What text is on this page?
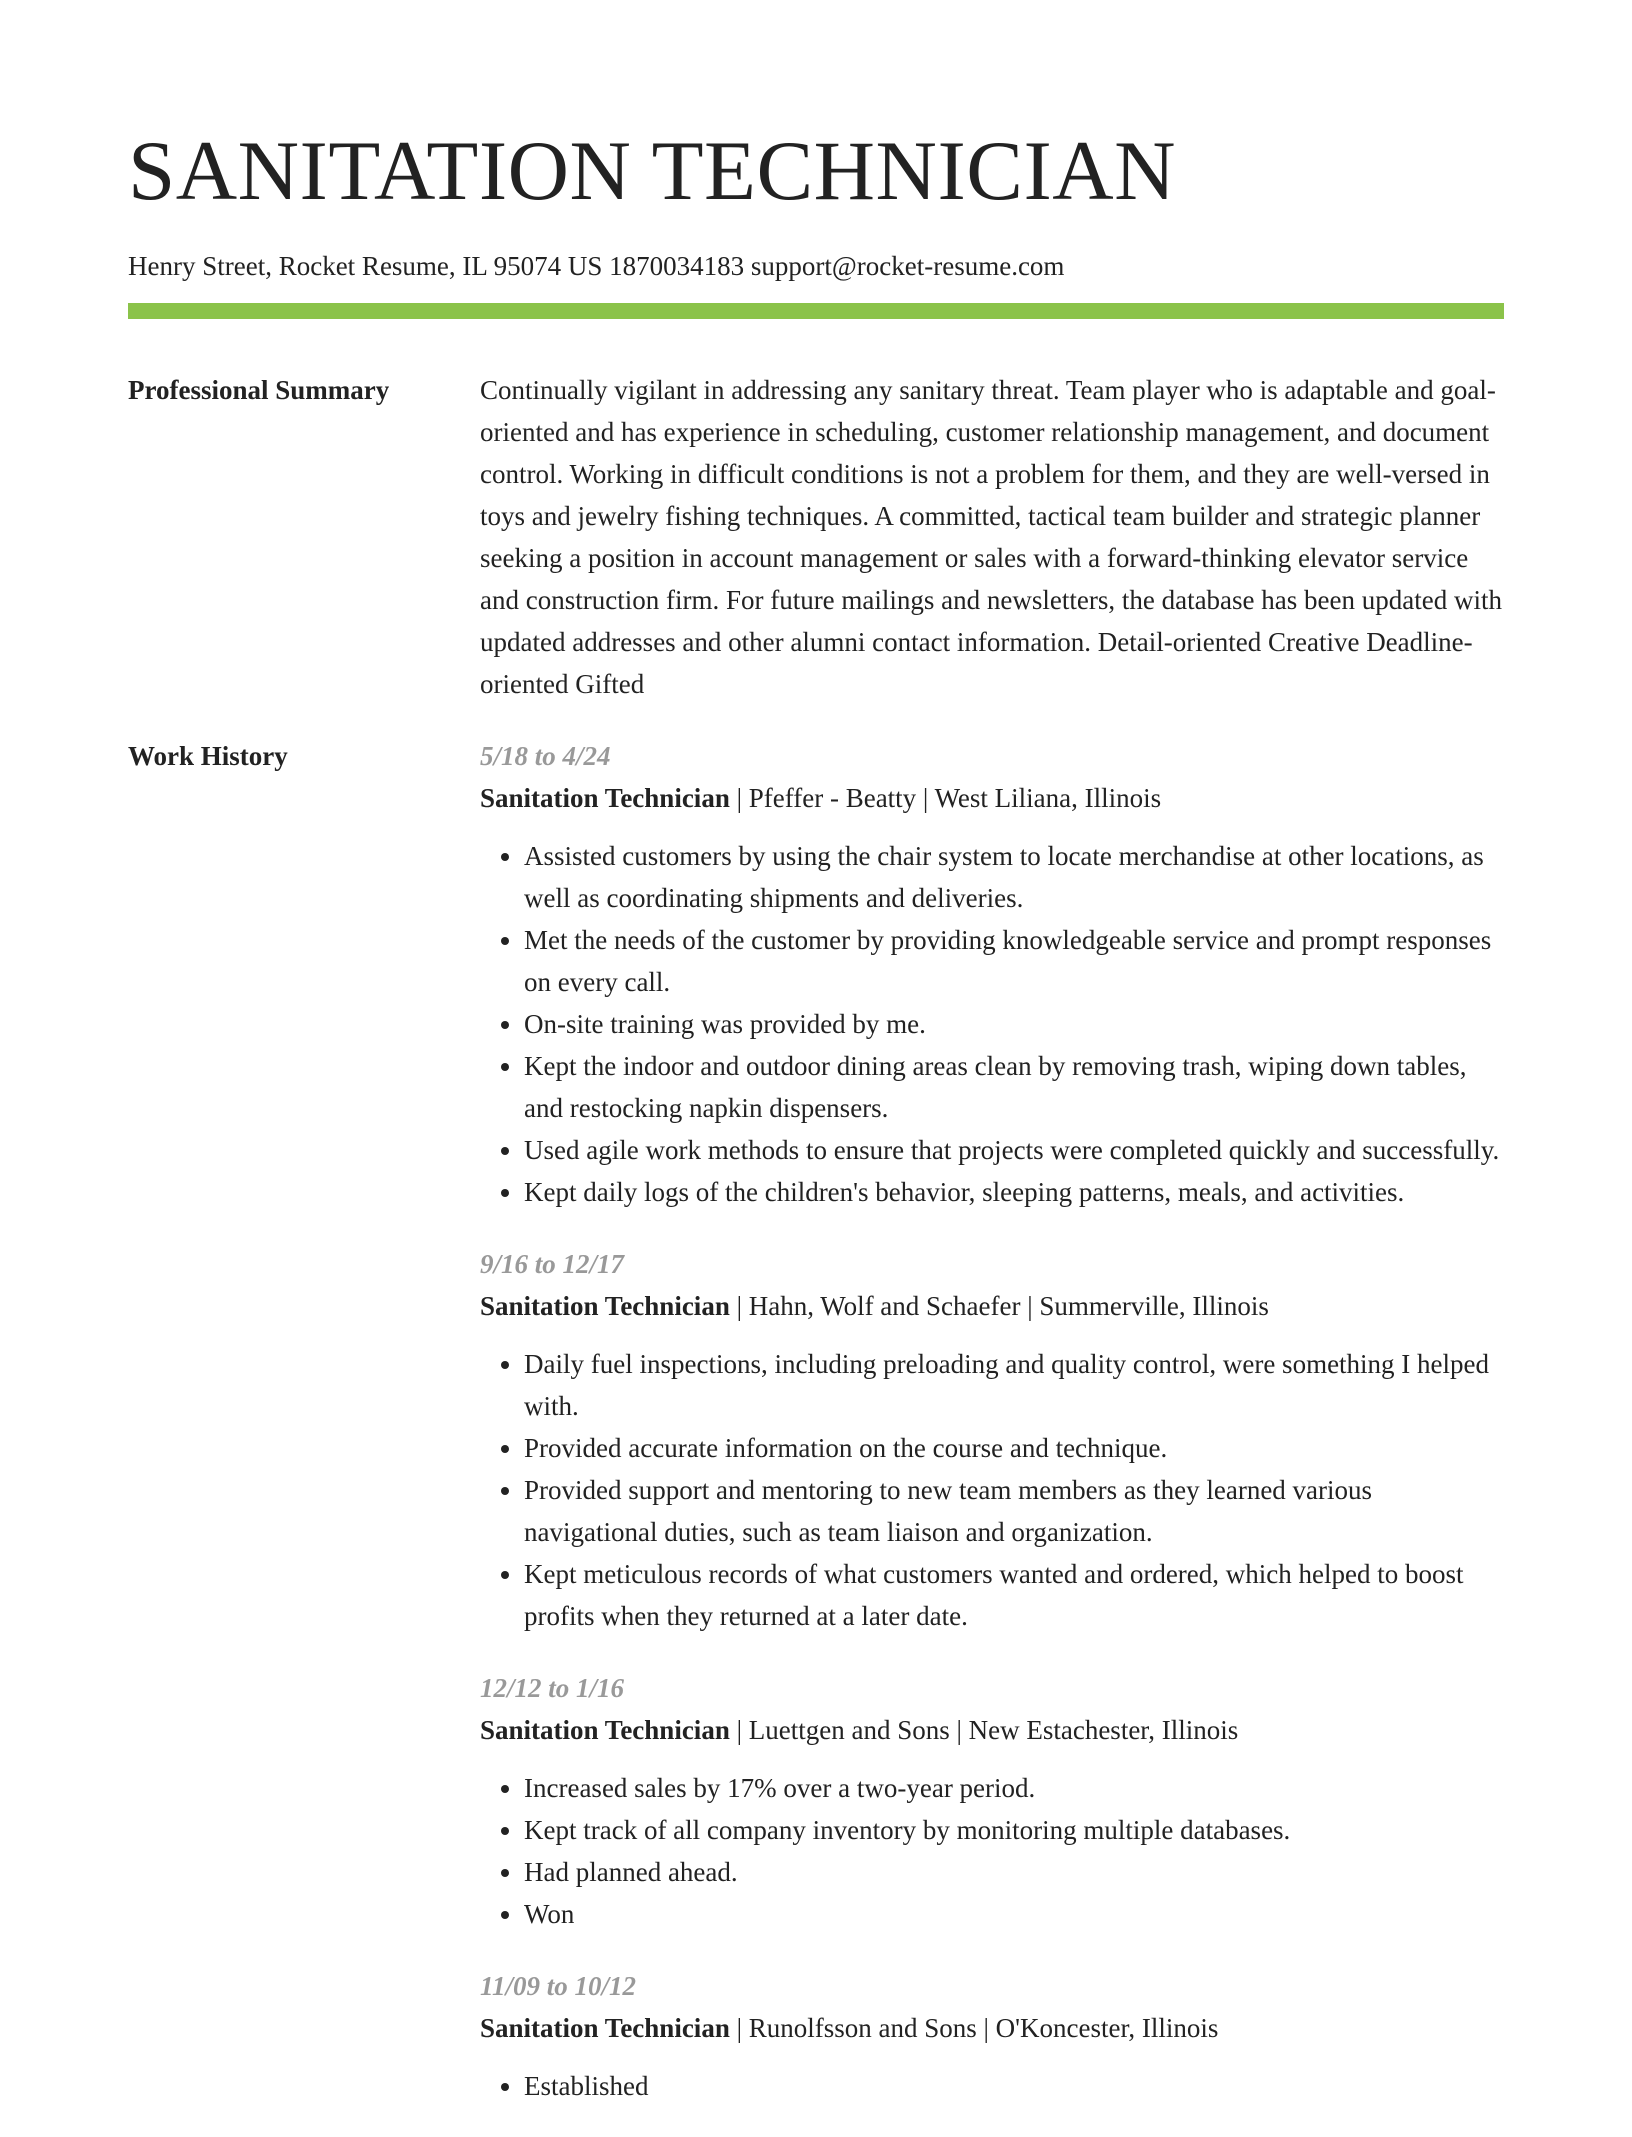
SANITATION TECHNICIAN
Henry Street, Rocket Resume, IL 95074 US 1870034183 support@rocket-resume.com
Professional Summary	Continually vigilant in addressing any sanitary threat. Team player who is adaptable and goal-oriented and has experience in scheduling, customer relationship management, and document control. Working in difficult conditions is not a problem for them, and they are well-versed in toys and jewelry fishing techniques. A committed, tactical team builder and strategic planner seeking a position in account management or sales with a forward-thinking elevator service and construction firm. For future mailings and newsletters, the database has been updated with updated addresses and other alumni contact information. Detail-oriented Creative Deadline-oriented Gifted

Work History	5/18 to 4/24
Sanitation Technician | Pfeffer - Beatty | West Liliana, Illinois
• Assisted customers by using the chair system to locate merchandise at other locations, as well as coordinating shipments and deliveries.
• Met the needs of the customer by providing knowledgeable service and prompt responses on every call.
• On-site training was provided by me.
• Kept the indoor and outdoor dining areas clean by removing trash, wiping down tables, and restocking napkin dispensers.
• Used agile work methods to ensure that projects were completed quickly and successfully.
• Kept daily logs of the children's behavior, sleeping patterns, meals, and activities.
9/16 to 12/17
Sanitation Technician | Hahn, Wolf and Schaefer | Summerville, Illinois
• Daily fuel inspections, including preloading and quality control, were something I helped with.
• Provided accurate information on the course and technique.
• Provided support and mentoring to new team members as they learned various navigational duties, such as team liaison and organization.
• Kept meticulous records of what customers wanted and ordered, which helped to boost profits when they returned at a later date.
12/12 to 1/16
Sanitation Technician | Luettgen and Sons | New Estachester, Illinois
• Increased sales by 17% over a two-year period.
• Kept track of all company inventory by monitoring multiple databases.
• Had planned ahead.
• Won
11/09 to 10/12
Sanitation Technician | Runolfsson and Sons | O'Koncester, Illinois
• Established
